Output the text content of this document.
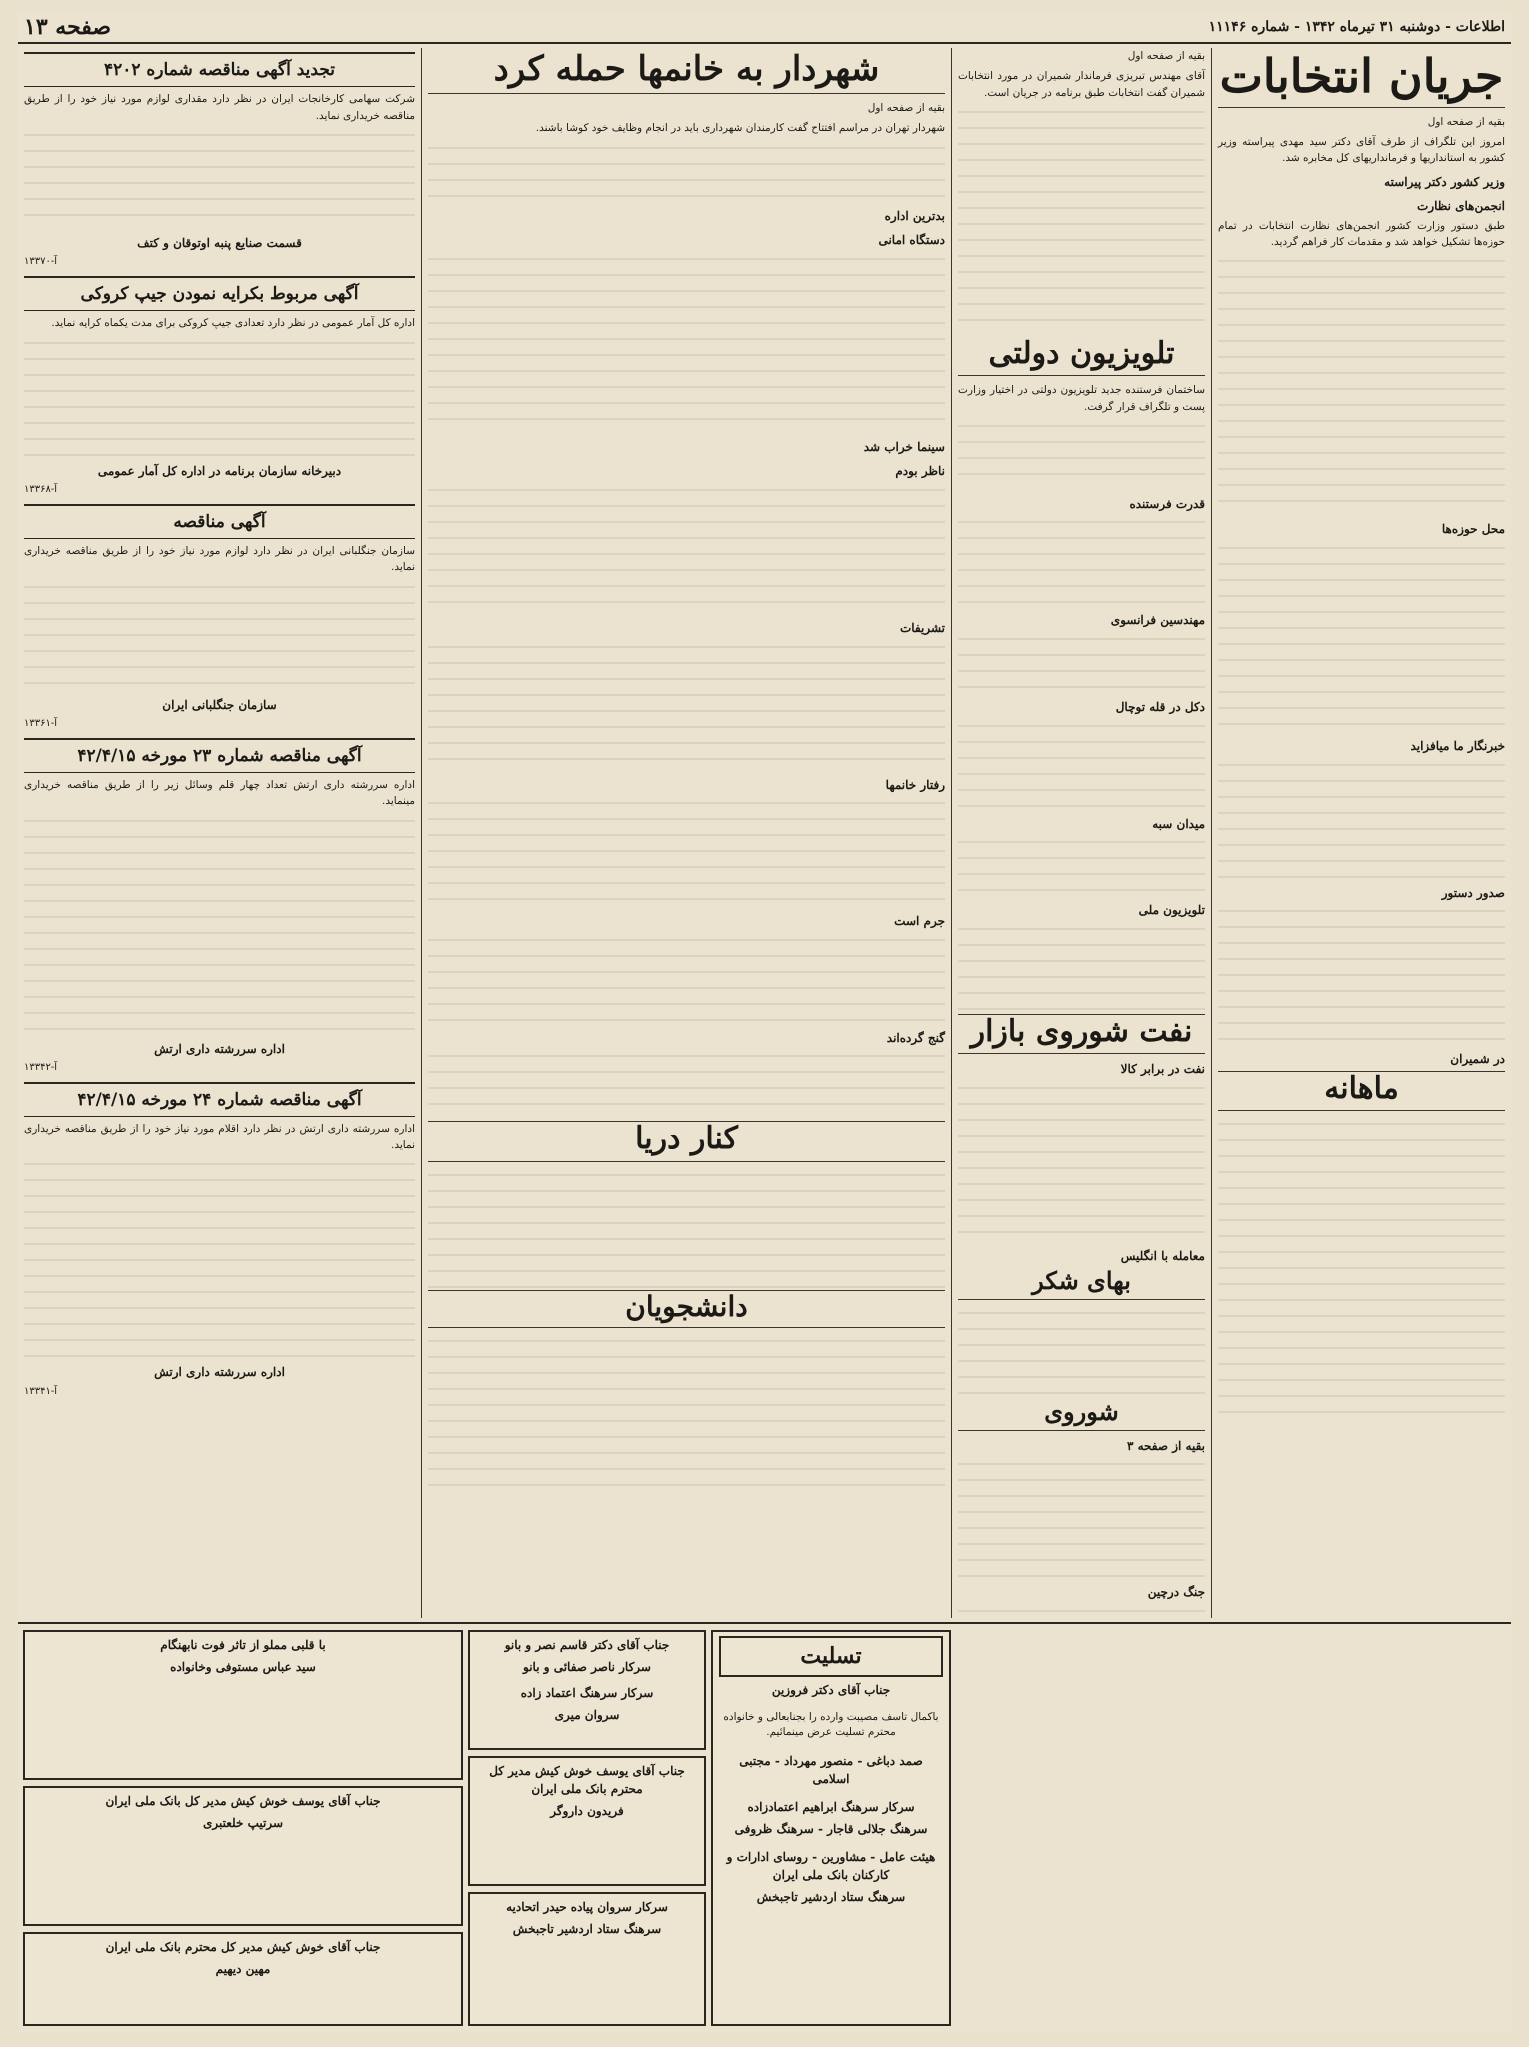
اطلاعات - دوشنبه ۳۱ تیرماه ۱۳۴۲ - شماره ۱۱۱۴۶
صفحه ۱۳
جریان انتخابات

بقیه از صفحه اول

امروز این تلگراف از طرف آقای دکتر سید مهدی پیراسته وزیر کشور به استانداریها و فرمانداریهای کل مخابره شد.

وزیر کشور دکتر پیراسته
انجمن‌های نظارت

طبق دستور وزارت کشور انجمن‌های نظارت انتخابات در تمام حوزه‌ها تشکیل خواهد شد و مقدمات کار فراهم گردید.

محل حوزه‌ها
خبرنگار ما میافزاید
صدور دستور
در شمیران
ماهانه

بقیه از صفحه اول

آقای مهندس تبریزی فرماندار شمیران در مورد انتخابات شمیران گفت انتخابات طبق برنامه در جریان است.

تلویزیون دولتی

ساختمان فرستنده جدید تلویزیون دولتی در اختیار وزارت پست و تلگراف قرار گرفت.

قدرت فرستنده
مهندسین فرانسوی
دکل در قله توچال
میدان سبه
تلویزیون ملی
نفت شوروی بازار
نفت در برابر کالا
معامله با انگلیس
بهای شکر
شوروی
بقیه از صفحه ۳
جنگ درچین
شهردار به خانمها حمله کرد

بقیه از صفحه اول

شهردار تهران در مراسم افتتاح گفت کارمندان شهرداری باید در انجام وظایف خود کوشا باشند.

بدترین اداره
دستگاه امانی
سینما خراب شد
ناظر بودم
تشریفات
رفتار خانمها
جرم است
گنج گرده‌اند
کنار دریا
دانشجویان
تجدید آگهی مناقصه شماره ۴۲۰۲

شرکت سهامی کارخانجات ایران در نظر دارد مقداری لوازم مورد نیاز خود را از طریق مناقصه خریداری نماید.

قسمت صنایع پنبه اوتوقان و کتف
آ-۱۳۳۷۰
آگهی مربوط بکرایه نمودن جیپ کروکی

اداره کل آمار عمومی در نظر دارد تعدادی جیپ کروکی برای مدت یکماه کرایه نماید.

دبیرخانه سازمان برنامه در اداره کل آمار عمومی
آ-۱۳۳۶۸
آگهی مناقصه

سازمان جنگلبانی ایران در نظر دارد لوازم مورد نیاز خود را از طریق مناقصه خریداری نماید.

سازمان جنگلبانی ایران
آ-۱۳۳۶۱
آگهی مناقصه شماره ۲۳ مورخه ۴۲/۴/۱۵

اداره سررشته داری ارتش تعداد چهار قلم وسائل زیر را از طریق مناقصه خریداری مینماید.

اداره سررشته داری ارتش
آ-۱۳۳۴۲
آگهی مناقصه شماره ۲۴ مورخه ۴۲/۴/۱۵

اداره سررشته داری ارتش در نظر دارد اقلام مورد نیاز خود را از طریق مناقصه خریداری نماید.

اداره سررشته داری ارتش
آ-۱۳۳۴۱
تسلیت
جناب آقای دکتر فروزین

باکمال تاسف مصیبت وارده را بجنابعالی و خانواده محترم تسلیت عرض مینمائیم.

صمد دباغی - منصور مهرداد - مجتبی اسلامی
سرکار سرهنگ ابراهیم اعتمادزاده
سرهنگ جلالی قاجار - سرهنگ ظروفی
هیئت عامل - مشاورین - روسای ادارات و کارکنان بانک ملی ایران
سرهنگ ستاد اردشیر تاجبخش
جناب آقای دکتر قاسم نصر و بانو
سرکار ناصر صفائی و بانو
سرکار سرهنگ اعتماد زاده
سروان میری
جناب آقای یوسف خوش کیش مدیر کل محترم بانک ملی ایران
فریدون داروگر
سرکار سروان پیاده حیدر اتحادیه
سرهنگ ستاد اردشیر تاجبخش
با قلبی مملو از تاثر فوت نابهنگام
سید عباس مستوفی وخانواده
جناب آقای یوسف خوش کیش مدیر کل بانک ملی ایران
سرتیپ خلعتبری
جناب آقای خوش کیش مدیر کل محترم بانک ملی ایران
مهین دیهیم
